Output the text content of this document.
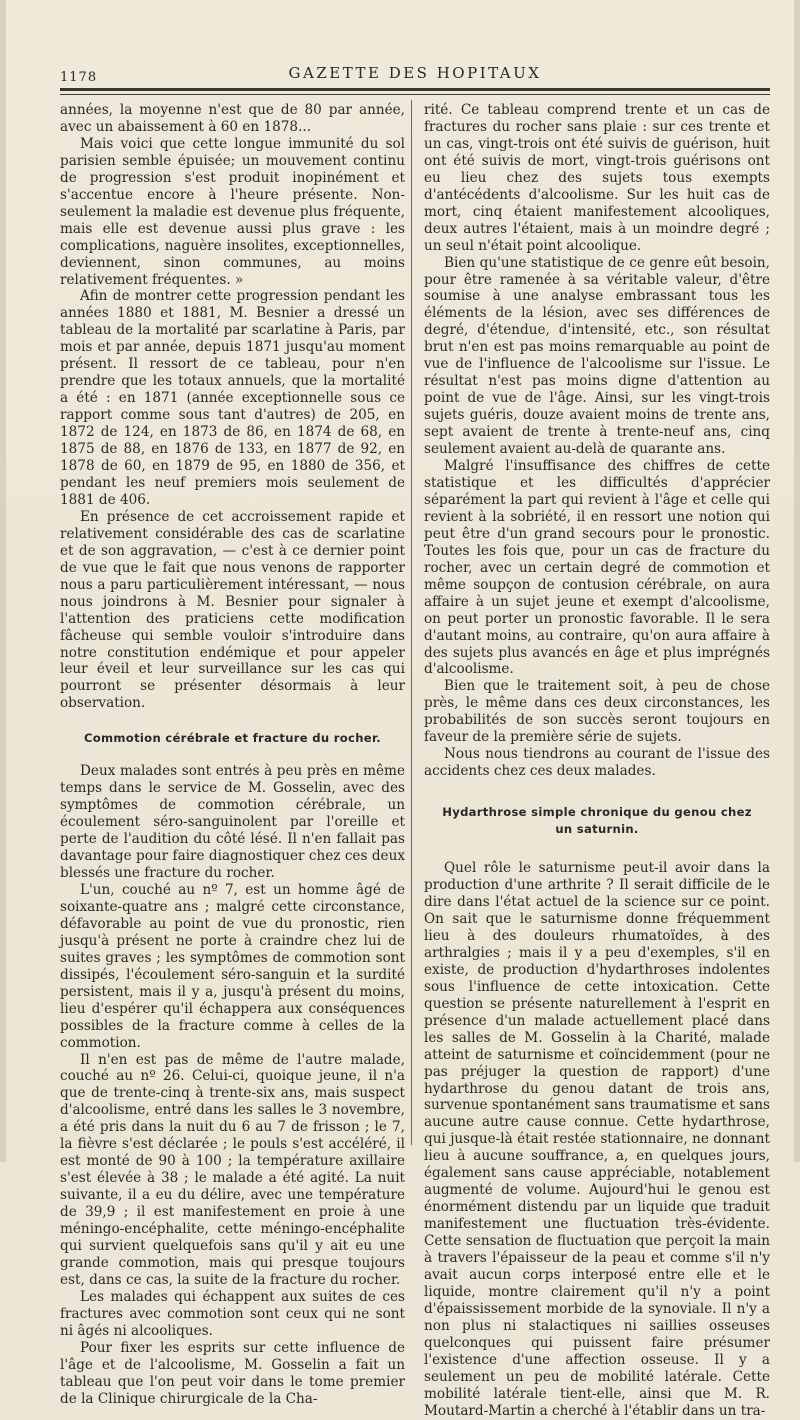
1178	GAZETTE DES HOPITAUX

années, la moyenne n'est que de 80 par année, avec un abaissement à 60 en 1878...

Mais voici que cette longue immunité du sol parisien semble épuisée; un mouvement continu de progression s'est produit inopinément et s'accentue encore à l'heure présente. Non-seulement la maladie est devenue plus fréquente, mais elle est devenue aussi plus grave : les complications, naguère insolites, exceptionnelles, deviennent, sinon communes, au moins relativement fréquentes. »

Afin de montrer cette progression pendant les années 1880 et 1881, M. Besnier a dressé un tableau de la mortalité par scarlatine à Paris, par mois et par année, depuis 1871 jusqu'au moment présent. Il ressort de ce tableau, pour n'en prendre que les totaux annuels, que la mortalité a été : en 1871 (année exceptionnelle sous ce rapport comme sous tant d'autres) de 205, en 1872 de 124, en 1873 de 86, en 1874 de 68, en 1875 de 88, en 1876 de 133, en 1877 de 92, en 1878 de 60, en 1879 de 95, en 1880 de 356, et pendant les neuf premiers mois seulement de 1881 de 406.

En présence de cet accroissement rapide et relativement considérable des cas de scarlatine et de son aggravation, — c'est à ce dernier point de vue que le fait que nous venons de rapporter nous a paru particulièrement intéressant, — nous nous joindrons à M. Besnier pour signaler à l'attention des praticiens cette modification fâcheuse qui semble vouloir s'introduire dans notre constitution endémique et pour appeler leur éveil et leur surveillance sur les cas qui pourront se présenter désormais à leur observation.

Commotion cérébrale et fracture du rocher.

Deux malades sont entrés à peu près en même temps dans le service de M. Gosselin, avec des symptômes de commotion cérébrale, un écoulement séro-sanguinolent par l'oreille et perte de l'audition du côté lésé. Il n'en fallait pas davantage pour faire diagnostiquer chez ces deux blessés une fracture du rocher.

L'un, couché au nº 7, est un homme âgé de soixante-quatre ans ; malgré cette circonstance, défavorable au point de vue du pronostic, rien jusqu'à présent ne porte à craindre chez lui de suites graves ; les symptômes de commotion sont dissipés, l'écoulement séro-sanguin et la surdité persistent, mais il y a, jusqu'à présent du moins, lieu d'espérer qu'il échappera aux conséquences possibles de la fracture comme à celles de la commotion.

Il n'en est pas de même de l'autre malade, couché au nº 26. Celui-ci, quoique jeune, il n'a que de trente-cinq à trente-six ans, mais suspect d'alcoolisme, entré dans les salles le 3 novembre, a été pris dans la nuit du 6 au 7 de frisson ; le 7, la fièvre s'est déclarée ; le pouls s'est accéléré, il est monté de 90 à 100 ; la température axillaire s'est élevée à 38 ; le malade a été agité. La nuit suivante, il a eu du délire, avec une température de 39,9 ; il est manifestement en proie à une méningo-encéphalite, cette méningo-encéphalite qui survient quelquefois sans qu'il y ait eu une grande commotion, mais qui presque toujours est, dans ce cas, la suite de la fracture du rocher.

Les malades qui échappent aux suites de ces fractures avec commotion sont ceux qui ne sont ni âgés ni alcooliques.

Pour fixer les esprits sur cette influence de l'âge et de l'alcoolisme, M. Gosselin a fait un tableau que l'on peut voir dans le tome premier de la Clinique chirurgicale de la Cha-

rité. Ce tableau comprend trente et un cas de fractures du rocher sans plaie : sur ces trente et un cas, vingt-trois ont été suivis de guérison, huit ont été suivis de mort, vingt-trois guérisons ont eu lieu chez des sujets tous exempts d'antécédents d'alcoolisme. Sur les huit cas de mort, cinq étaient manifestement alcooliques, deux autres l'étaient, mais à un moindre degré ; un seul n'était point alcoolique.

Bien qu'une statistique de ce genre eût besoin, pour être ramenée à sa véritable valeur, d'être soumise à une analyse embrassant tous les éléments de la lésion, avec ses différences de degré, d'étendue, d'intensité, etc., son résultat brut n'en est pas moins remarquable au point de vue de l'influence de l'alcoolisme sur l'issue. Le résultat n'est pas moins digne d'attention au point de vue de l'âge. Ainsi, sur les vingt-trois sujets guéris, douze avaient moins de trente ans, sept avaient de trente à trente-neuf ans, cinq seulement avaient au-delà de quarante ans.

Malgré l'insuffisance des chiffres de cette statistique et les difficultés d'apprécier séparément la part qui revient à l'âge et celle qui revient à la sobriété, il en ressort une notion qui peut être d'un grand secours pour le pronostic. Toutes les fois que, pour un cas de fracture du rocher, avec un certain degré de commotion et même soupçon de contusion cérébrale, on aura affaire à un sujet jeune et exempt d'alcoolisme, on peut porter un pronostic favorable. Il le sera d'autant moins, au contraire, qu'on aura affaire à des sujets plus avancés en âge et plus imprégnés d'alcoolisme.

Bien que le traitement soit, à peu de chose près, le même dans ces deux circonstances, les probabilités de son succès seront toujours en faveur de la première série de sujets.

Nous nous tiendrons au courant de l'issue des accidents chez ces deux malades.

Hydarthrose simple chronique du genou chez un saturnin.

Quel rôle le saturnisme peut-il avoir dans la production d'une arthrite ? Il serait difficile de le dire dans l'état actuel de la science sur ce point. On sait que le saturnisme donne fréquemment lieu à des douleurs rhumatoïdes, à des arthralgies ; mais il y a peu d'exemples, s'il en existe, de production d'hydarthroses indolentes sous l'influence de cette intoxication. Cette question se présente naturellement à l'esprit en présence d'un malade actuellement placé dans les salles de M. Gosselin à la Charité, malade atteint de saturnisme et coïncidemment (pour ne pas préjuger la question de rapport) d'une hydarthrose du genou datant de trois ans, survenue spontanément sans traumatisme et sans aucune autre cause connue. Cette hydarthrose, qui jusque-là était restée stationnaire, ne donnant lieu à aucune souffrance, a, en quelques jours, également sans cause appréciable, notablement augmenté de volume. Aujourd'hui le genou est énormément distendu par un liquide que traduit manifestement une fluctuation très-évidente. Cette sensation de fluctuation que perçoit la main à travers l'épaisseur de la peau et comme s'il n'y avait aucun corps interposé entre elle et le liquide, montre clairement qu'il n'y a point d'épaississement morbide de la synoviale. Il n'y a non plus ni stalactiques ni saillies osseuses quelconques qui puissent faire présumer l'existence d'une affection osseuse. Il y a seulement un peu de mobilité latérale. Cette mobilité latérale tient-elle, ainsi que M. R. Moutard-Martin a cherché à l'établir dans un tra-
